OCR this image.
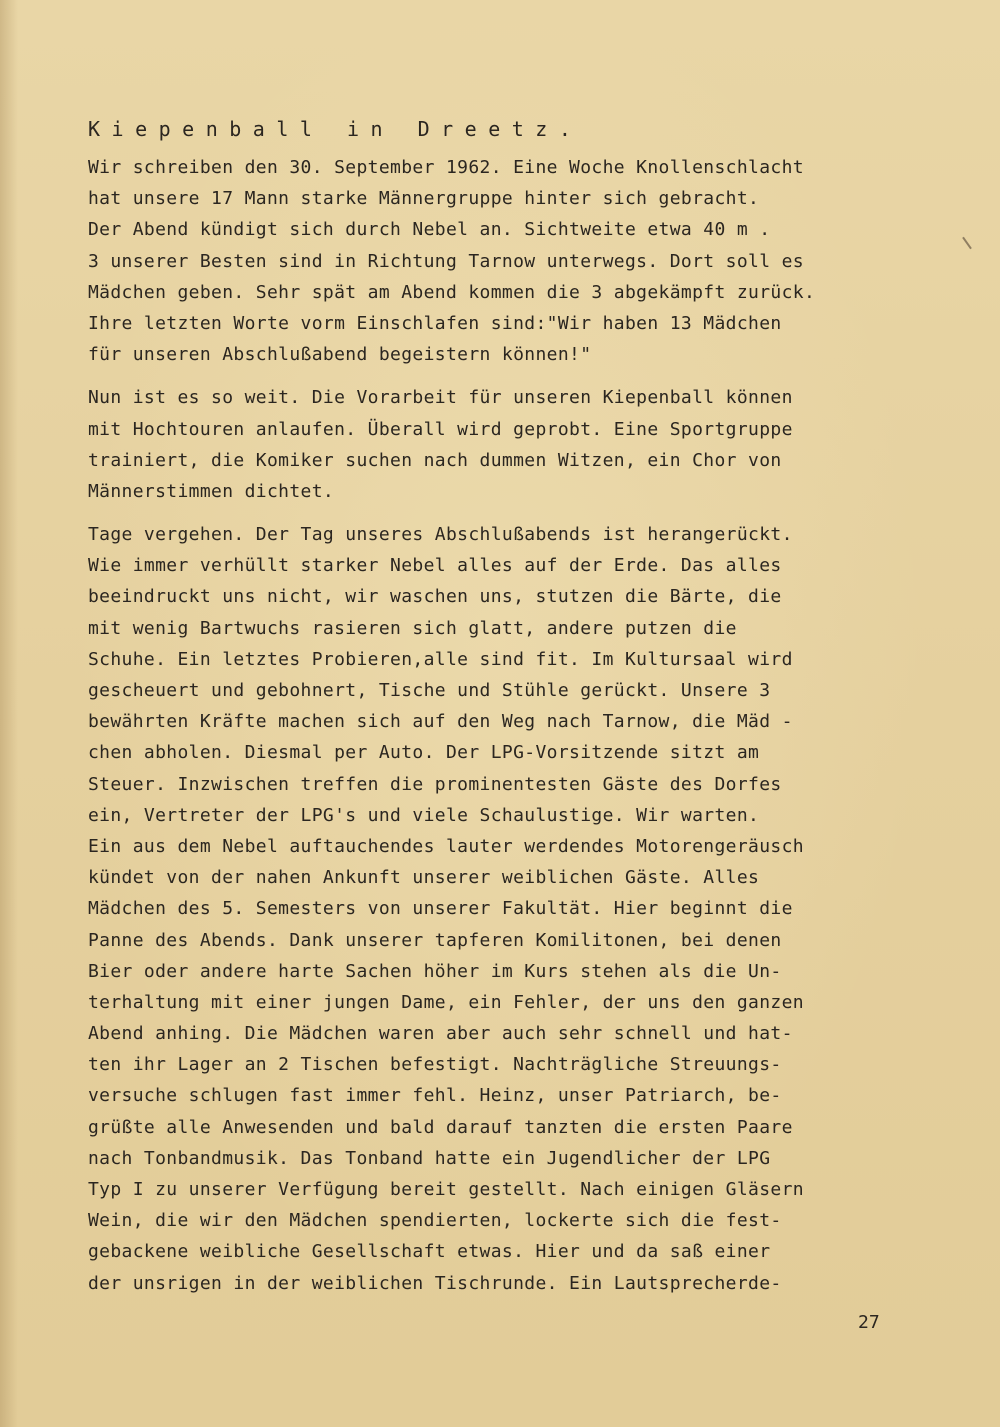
Kiepenball in Dreetz.
Wir schreiben den 30. September 1962. Eine Woche Knollenschlacht
hat unsere 17 Mann starke Männergruppe hinter sich gebracht.
Der Abend kündigt sich durch Nebel an. Sichtweite etwa 40 m .
3 unserer Besten sind in Richtung Tarnow unterwegs. Dort soll es
Mädchen geben. Sehr spät am Abend kommen die 3 abgekämpft zurück.
Ihre letzten Worte vorm Einschlafen sind:"Wir haben 13 Mädchen
für unseren Abschlußabend begeistern können!"
Nun ist es so weit. Die Vorarbeit für unseren Kiepenball können
mit Hochtouren anlaufen. Überall wird geprobt. Eine Sportgruppe
trainiert, die Komiker suchen nach dummen Witzen, ein Chor von
Männerstimmen dichtet.
Tage vergehen. Der Tag unseres Abschlußabends ist herangerückt.
Wie immer verhüllt starker Nebel alles auf der Erde. Das alles
beeindruckt uns nicht, wir waschen uns, stutzen die Bärte, die
mit wenig Bartwuchs rasieren sich glatt, andere putzen die
Schuhe. Ein letztes Probieren,alle sind fit. Im Kultursaal wird
gescheuert und gebohnert, Tische und Stühle gerückt. Unsere 3
bewährten Kräfte machen sich auf den Weg nach Tarnow, die Mäd -
chen abholen. Diesmal per Auto. Der LPG-Vorsitzende sitzt am
Steuer. Inzwischen treffen die prominentesten Gäste des Dorfes
ein, Vertreter der LPG's und viele Schaulustige. Wir warten.
Ein aus dem Nebel auftauchendes lauter werdendes Motorengeräusch
kündet von der nahen Ankunft unserer weiblichen Gäste. Alles
Mädchen des 5. Semesters von unserer Fakultät. Hier beginnt die
Panne des Abends. Dank unserer tapferen Komilitonen, bei denen
Bier oder andere harte Sachen höher im Kurs stehen als die Un-
terhaltung mit einer jungen Dame, ein Fehler, der uns den ganzen
Abend anhing. Die Mädchen waren aber auch sehr schnell und hat-
ten ihr Lager an 2 Tischen befestigt. Nachträgliche Streuungs-
versuche schlugen fast immer fehl. Heinz, unser Patriarch, be-
grüßte alle Anwesenden und bald darauf tanzten die ersten Paare
nach Tonbandmusik. Das Tonband hatte ein Jugendlicher der LPG
Typ I zu unserer Verfügung bereit gestellt. Nach einigen Gläsern
Wein, die wir den Mädchen spendierten, lockerte sich die fest-
gebackene weibliche Gesellschaft etwas. Hier und da saß einer
der unsrigen in der weiblichen Tischrunde. Ein Lautsprecherde-
27
